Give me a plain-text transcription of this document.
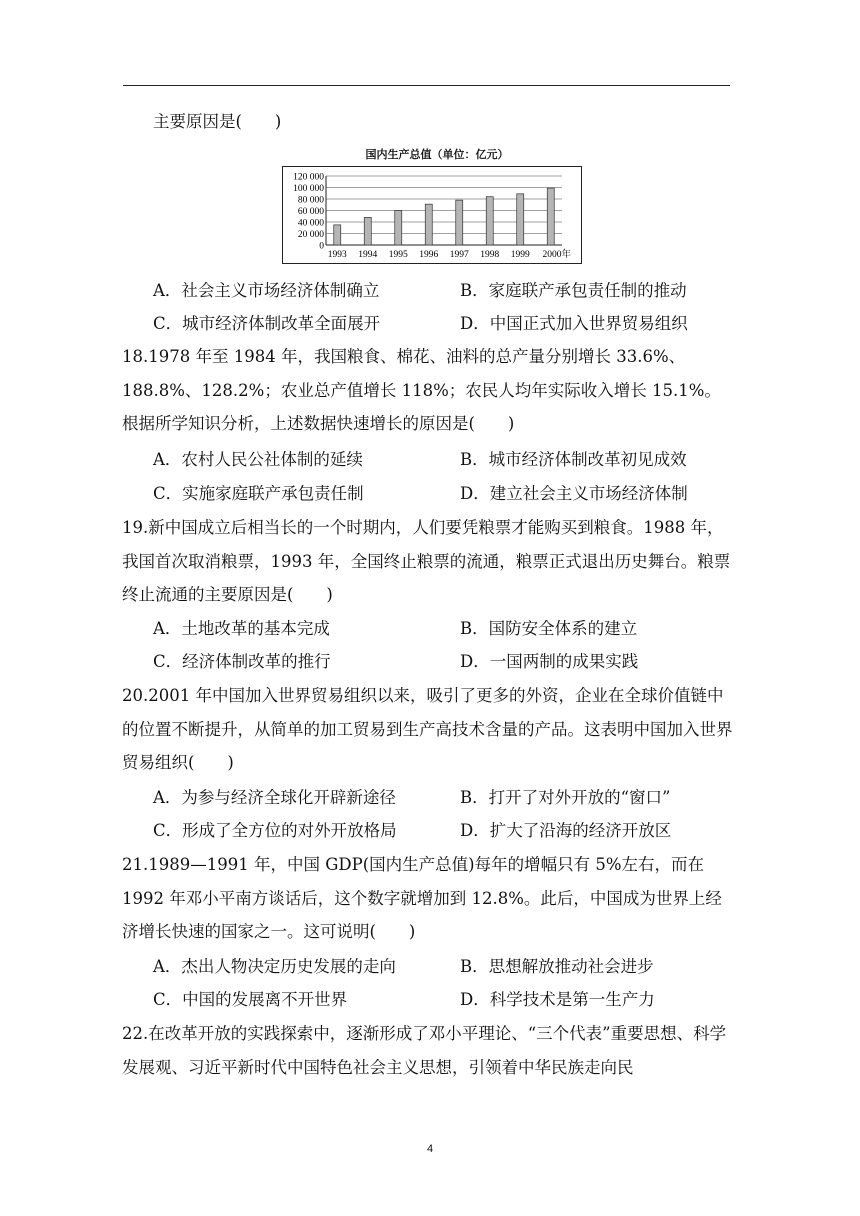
主要原因是(　　)
国内生产总值（单位：亿元）
120 000
100 000
80 000
60 000
40 000
20 000
0
1993 1994 1995 1996 1997 1998 1999 2000年
A．社会主义市场经济体制确立	B．家庭联产承包责任制的推动
C．城市经济体制改革全面展开	D．中国正式加入世界贸易组织
18.1978 年至 1984 年，我国粮食、棉花、油料的总产量分别增长 33.6%、188.8%、128.2%；农业总产值增长 118%；农民人均年实际收入增长 15.1%。根据所学知识分析，上述数据快速增长的原因是(　　)
A．农村人民公社体制的延续	B．城市经济体制改革初见成效
C．实施家庭联产承包责任制	D．建立社会主义市场经济体制
19.新中国成立后相当长的一个时期内，人们要凭粮票才能购买到粮食。1988 年，我国首次取消粮票，1993 年，全国终止粮票的流通，粮票正式退出历史舞台。粮票终止流通的主要原因是(　　)
A．土地改革的基本完成	B．国防安全体系的建立
C．经济体制改革的推行	D．一国两制的成果实践
20.2001 年中国加入世界贸易组织以来，吸引了更多的外资，企业在全球价值链中的位置不断提升，从简单的加工贸易到生产高技术含量的产品。这表明中国加入世界贸易组织(　　)
A．为参与经济全球化开辟新途径	B．打开了对外开放的“窗口”
C．形成了全方位的对外开放格局	D．扩大了沿海的经济开放区
21.1989—1991 年，中国 GDP(国内生产总值)每年的增幅只有 5%左右，而在 1992 年邓小平南方谈话后，这个数字就增加到 12.8%。此后，中国成为世界上经济增长快速的国家之一。这可说明(　　)
A．杰出人物决定历史发展的走向	B．思想解放推动社会进步
C．中国的发展离不开世界	D．科学技术是第一生产力
22.在改革开放的实践探索中，逐渐形成了邓小平理论、“三个代表”重要思想、科学发展观、习近平新时代中国特色社会主义思想，引领着中华民族走向民
4
